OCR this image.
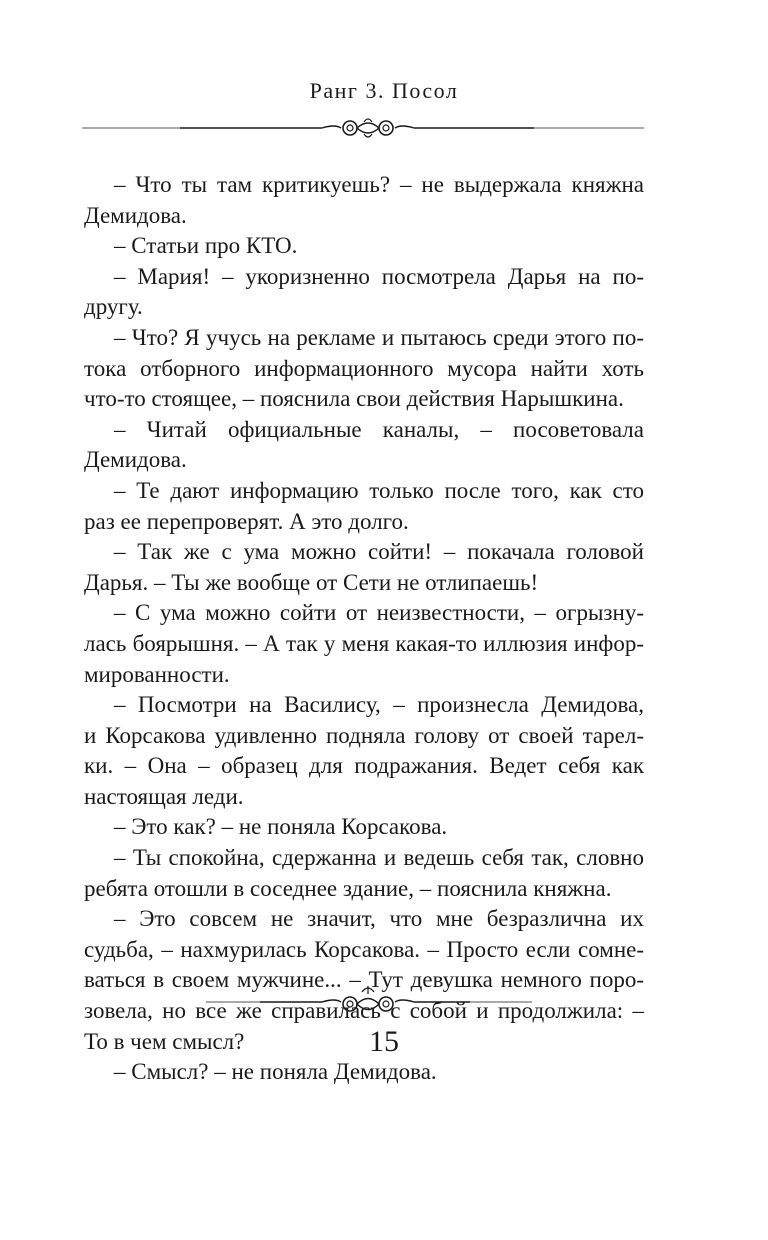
Ранг 3. Посол
– Что ты там критикуешь? – не выдержала княжна
Демидова.
– Статьи про КТО.
– Мария! – укоризненно посмотрела Дарья на по-
другу.
– Что? Я учусь на рекламе и пытаюсь среди этого по-
тока отборного информационного мусора найти хоть
что-то стоящее, – пояснила свои действия Нарышкина.
– Читай официальные каналы, – посоветовала
Демидова.
– Те дают информацию только после того, как сто
раз ее перепроверят. А это долго.
– Так же с ума можно сойти! – покачала головой
Дарья. – Ты же вообще от Сети не отлипаешь!
– С ума можно сойти от неизвестности, – огрызну-
лась боярышня. – А так у меня какая-то иллюзия инфор-
мированности.
– Посмотри на Василису, – произнесла Демидова,
и Корсакова удивленно подняла голову от своей тарел-
ки. – Она – образец для подражания. Ведет себя как
настоящая леди.
– Это как? – не поняла Корсакова.
– Ты спокойна, сдержанна и ведешь себя так, словно
ребята отошли в соседнее здание, – пояснила княжна.
– Это совсем не значит, что мне безразлична их
судьба, – нахмурилась Корсакова. – Просто если сомне-
ваться в своем мужчине... – Тут девушка немного поро-
зовела, но все же справилась с собой и продолжила: –
То в чем смысл?
– Смысл? – не поняла Демидова.
15
